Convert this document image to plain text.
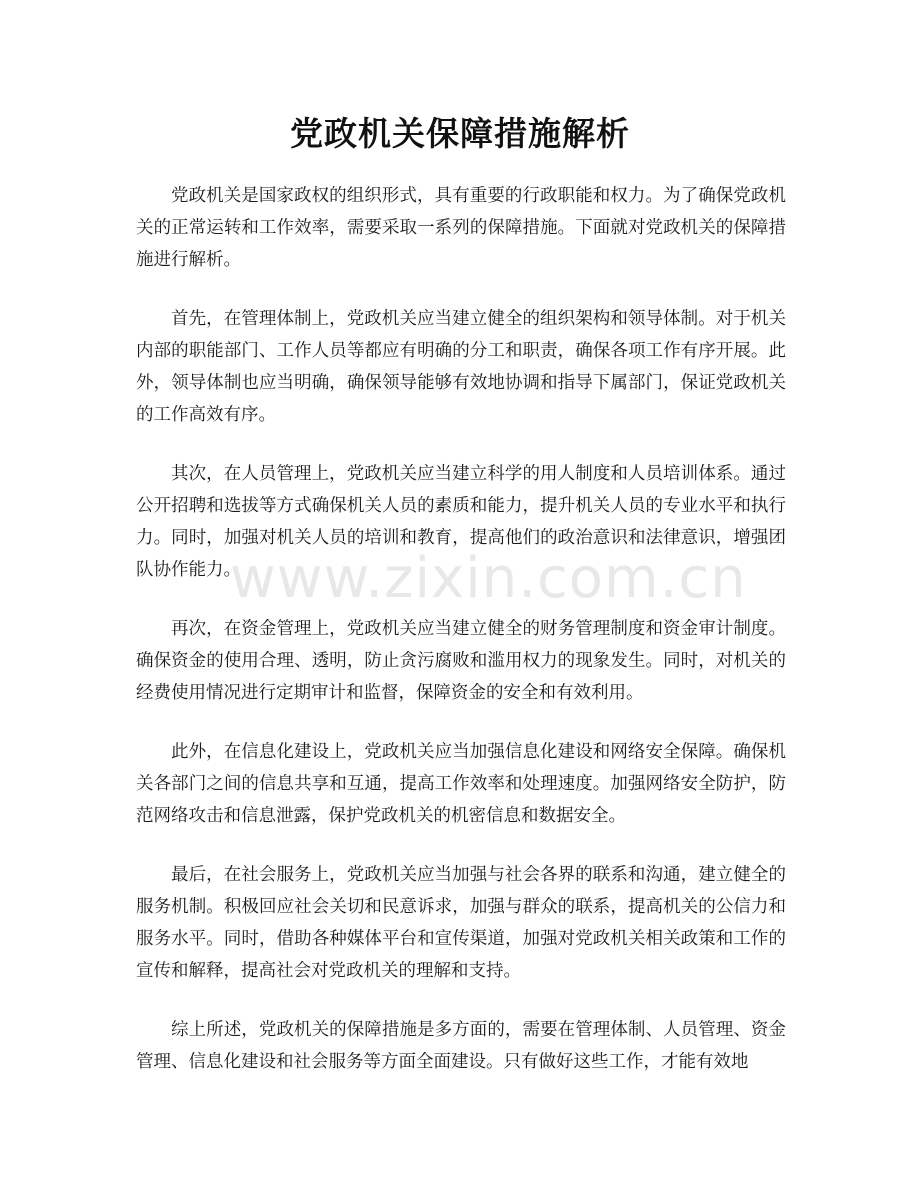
党政机关保障措施解析

党政机关是国家政权的组织形式，具有重要的行政职能和权力。为了确保党政机关的正常运转和工作效率，需要采取一系列的保障措施。下面就对党政机关的保障措施进行解析。

首先，在管理体制上，党政机关应当建立健全的组织架构和领导体制。对于机关内部的职能部门、工作人员等都应有明确的分工和职责，确保各项工作有序开展。此外，领导体制也应当明确，确保领导能够有效地协调和指导下属部门，保证党政机关的工作高效有序。

其次，在人员管理上，党政机关应当建立科学的用人制度和人员培训体系。通过公开招聘和选拔等方式确保机关人员的素质和能力，提升机关人员的专业水平和执行力。同时，加强对机关人员的培训和教育，提高他们的政治意识和法律意识，增强团队协作能力。

再次，在资金管理上，党政机关应当建立健全的财务管理制度和资金审计制度。确保资金的使用合理、透明，防止贪污腐败和滥用权力的现象发生。同时，对机关的经费使用情况进行定期审计和监督，保障资金的安全和有效利用。

此外，在信息化建设上，党政机关应当加强信息化建设和网络安全保障。确保机关各部门之间的信息共享和互通，提高工作效率和处理速度。加强网络安全防护，防范网络攻击和信息泄露，保护党政机关的机密信息和数据安全。

最后，在社会服务上，党政机关应当加强与社会各界的联系和沟通，建立健全的服务机制。积极回应社会关切和民意诉求，加强与群众的联系，提高机关的公信力和服务水平。同时，借助各种媒体平台和宣传渠道，加强对党政机关相关政策和工作的宣传和解释，提高社会对党政机关的理解和支持。

综上所述，党政机关的保障措施是多方面的，需要在管理体制、人员管理、资金管理、信息化建设和社会服务等方面全面建设。只有做好这些工作，才能有效地

www.zixin.com.cn
